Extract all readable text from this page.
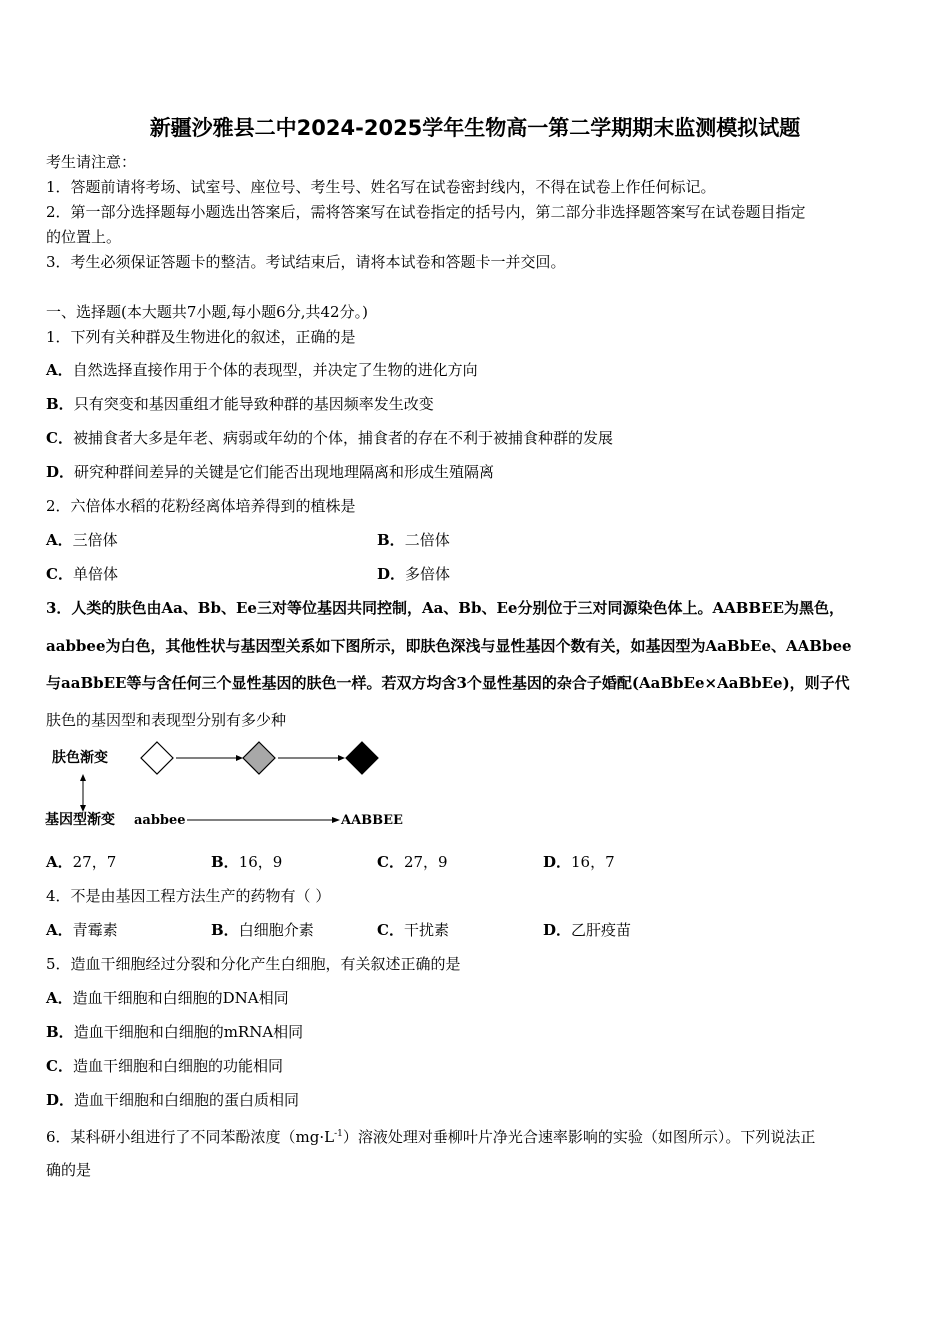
新疆沙雅县二中2024-2025学年生物高一第二学期期末监测模拟试题
考生请注意：
1．答题前请将考场、试室号、座位号、考生号、姓名写在试卷密封线内，不得在试卷上作任何标记。
2．第一部分选择题每小题选出答案后，需将答案写在试卷指定的括号内，第二部分非选择题答案写在试卷题目指定
的位置上。
3．考生必须保证答题卡的整洁。考试结束后，请将本试卷和答题卡一并交回。
一、选择题(本大题共7小题,每小题6分,共42分。)
1．下列有关种群及生物进化的叙述，正确的是
A．自然选择直接作用于个体的表现型，并决定了生物的进化方向
B．只有突变和基因重组才能导致种群的基因频率发生改变
C．被捕食者大多是年老、病弱或年幼的个体，捕食者的存在不利于被捕食种群的发展
D．研究种群间差异的关键是它们能否出现地理隔离和形成生殖隔离
2．六倍体水稻的花粉经离体培养得到的植株是
A．三倍体	B．二倍体
C．单倍体	D．多倍体
3．人类的肤色由Aa、Bb、Ee三对等位基因共同控制，Aa、Bb、Ee分别位于三对同源染色体上。AABBEE为黑色，
aabbee为白色，其他性状与基因型关系如下图所示，即肤色深浅与显性基因个数有关，如基因型为AaBbEe、AABbee
与aaBbEE等与含任何三个显性基因的肤色一样。若双方均含3个显性基因的杂合子婚配(AaBbEe×AaBbEe)，则子代
肤色的基因型和表现型分别有多少种
肤色渐变
基因型渐变 aabbee	AABBEE
A．27，7	B．16，9	C．27，9	D．16，7
4．不是由基因工程方法生产的药物有（ ）
A．青霉素	B．白细胞介素	C．干扰素	D．乙肝疫苗
5．造血干细胞经过分裂和分化产生白细胞，有关叙述正确的是
A．造血干细胞和白细胞的DNA相同
B．造血干细胞和白细胞的mRNA相同
C．造血干细胞和白细胞的功能相同
D．造血干细胞和白细胞的蛋白质相同
6．某科研小组进行了不同苯酚浓度$(mg\cdot L^{-1})$溶液处理对垂柳叶片净光合速率影响的实验（如图所示）。下列说法正
确的是
